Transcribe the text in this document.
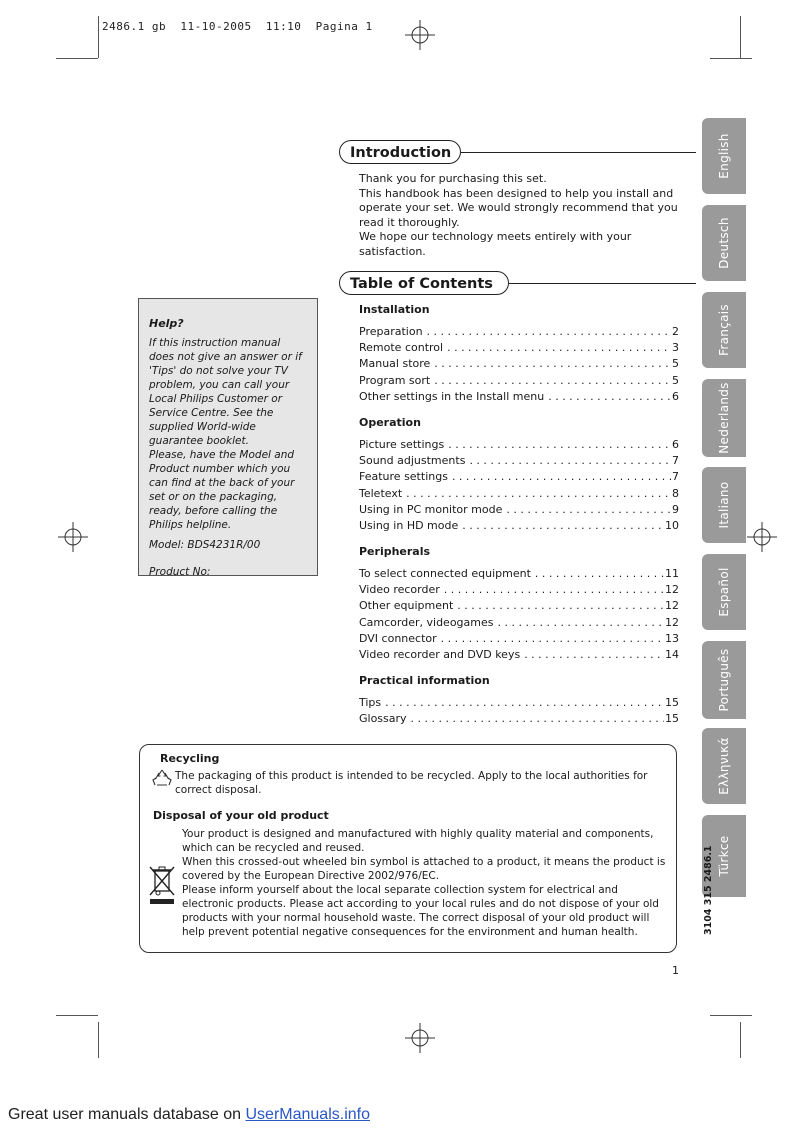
2486.1 gb  11-10-2005  11:10  Pagina 1
Introduction

Thank you for purchasing this set.

This handbook has been designed to help you install and operate your set. We would strongly recommend that you read it thoroughly.

We hope our technology meets entirely with your satisfaction.

Table of Contents
Installation
Preparation . . .	2
Remote control . . .	3
Manual store . . .	5
Program sort . . .	5
Other settings in the Install menu . . .	6
Operation
Picture settings . . .	6
Sound adjustments . . .	7
Feature settings . . .	7
Teletext . . .	8
Using in PC monitor mode . . .	9
Using in HD mode . . .	10
Peripherals
To select connected equipment . . .	11
Video recorder . . .	12
Other equipment . . .	12
Camcorder, videogames . . .	12
DVI connector . . .	13
Video recorder and DVD keys . . .	14
Practical information
Tips . . .	15
Glossary . . .	15
Help?

If this instruction manual does not give an answer or if 'Tips' do not solve your TV problem, you can call your Local Philips Customer or Service Centre. See the supplied World-wide guarantee booklet.

Please, have the Model and Product number which you can find at the back of your set or on the packaging, ready, before calling the Philips helpline.

Model: BDS4231R/00

Product No:

English
Deutsch
Français
Nederlands
Italiano
Español
Português
Ελληνικά
Türkce
3104 315 2486.1
1
Recycling

The packaging of this product is intended to be recycled. Apply to the local authorities for correct disposal.

Disposal of your old product

Your product is designed and manufactured with highly quality material and components, which can be recycled and reused.

When this crossed-out wheeled bin symbol is attached to a product, it means the product is covered by the European Directive 2002/976/EC.

Please inform yourself about the local separate collection system for electrical and electronic products. Please act according to your local rules and do not dispose of your old products with your normal household waste. The correct disposal of your old product will help prevent potential negative consequences for the environment and human health.

Great user manuals database on UserManuals.info
